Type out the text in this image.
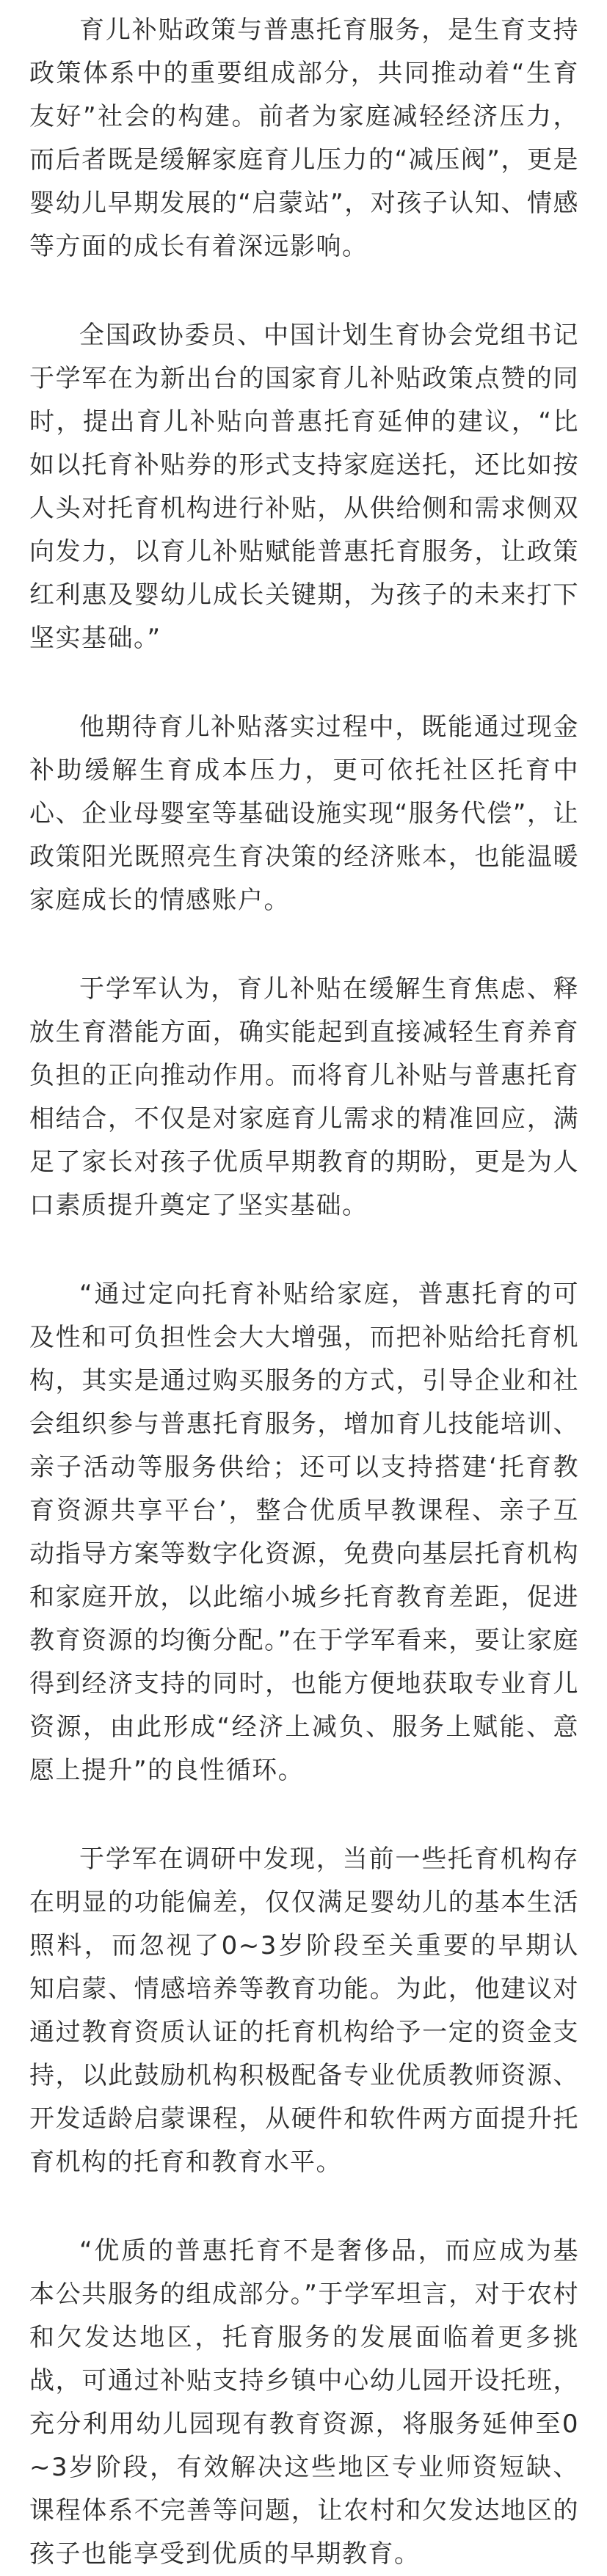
育儿补贴政策与普惠托育服务，是生育支持政策体系中的重要组成部分，共同推动着“生育友好”社会的构建。前者为家庭减轻经济压力，而后者既是缓解家庭育儿压力的“减压阀”，更是婴幼儿早期发展的“启蒙站”，对孩子认知、情感等方面的成长有着深远影响。

全国政协委员、中国计划生育协会党组书记于学军在为新出台的国家育儿补贴政策点赞的同时，提出育儿补贴向普惠托育延伸的建议，“比如以托育补贴券的形式支持家庭送托，还比如按人头对托育机构进行补贴，从供给侧和需求侧双向发力，以育儿补贴赋能普惠托育服务，让政策红利惠及婴幼儿成长关键期，为孩子的未来打下坚实基础。”

他期待育儿补贴落实过程中，既能通过现金补助缓解生育成本压力，更可依托社区托育中心、企业母婴室等基础设施实现“服务代偿”，让政策阳光既照亮生育决策的经济账本，也能温暖家庭成长的情感账户。

于学军认为，育儿补贴在缓解生育焦虑、释放生育潜能方面，确实能起到直接减轻生育养育负担的正向推动作用。而将育儿补贴与普惠托育相结合，不仅是对家庭育儿需求的精准回应，满足了家长对孩子优质早期教育的期盼，更是为人口素质提升奠定了坚实基础。

“通过定向托育补贴给家庭，普惠托育的可及性和可负担性会大大增强，而把补贴给托育机构，其实是通过购买服务的方式，引导企业和社会组织参与普惠托育服务，增加育儿技能培训、亲子活动等服务供给；还可以支持搭建‘托育教育资源共享平台’，整合优质早教课程、亲子互动指导方案等数字化资源，免费向基层托育机构和家庭开放，以此缩小城乡托育教育差距，促进教育资源的均衡分配。”在于学军看来，要让家庭得到经济支持的同时，也能方便地获取专业育儿资源，由此形成“经济上减负、服务上赋能、意愿上提升”的良性循环。

于学军在调研中发现，当前一些托育机构存在明显的功能偏差，仅仅满足婴幼儿的基本生活照料，而忽视了0~3岁阶段至关重要的早期认知启蒙、情感培养等教育功能。为此，他建议对通过教育资质认证的托育机构给予一定的资金支持，以此鼓励机构积极配备专业优质教师资源、开发适龄启蒙课程，从硬件和软件两方面提升托育机构的托育和教育水平。

“优质的普惠托育不是奢侈品，而应成为基本公共服务的组成部分。”于学军坦言，对于农村和欠发达地区，托育服务的发展面临着更多挑战，可通过补贴支持乡镇中心幼儿园开设托班，充分利用幼儿园现有教育资源，将服务延伸至0~3岁阶段，有效解决这些地区专业师资短缺、课程体系不完善等问题，让农村和欠发达地区的孩子也能享受到优质的早期教育。
